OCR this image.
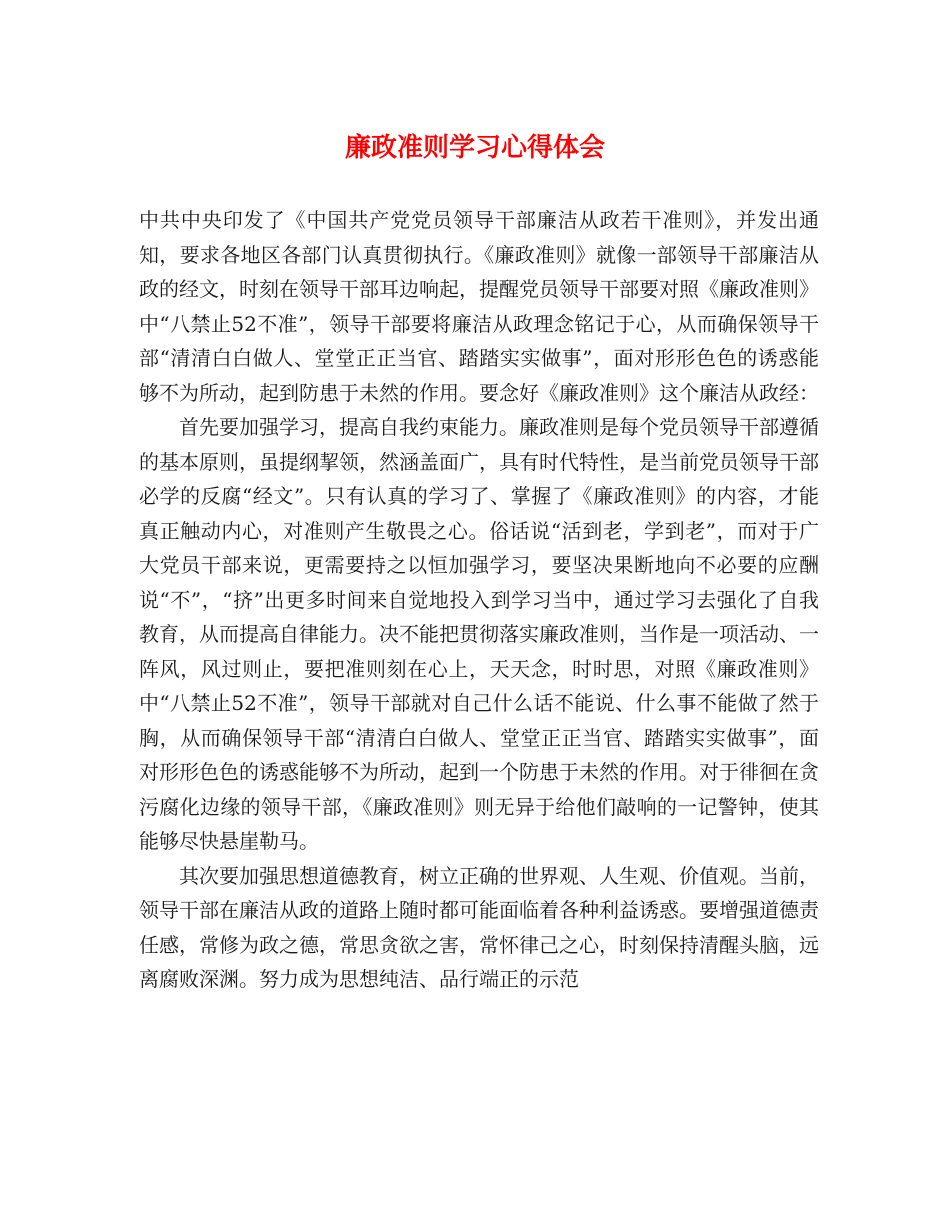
廉政准则学习心得体会

中共中央印发了《中国共产党党员领导干部廉洁从政若干准则》，并发出通知，要求各地区各部门认真贯彻执行。《廉政准则》就像一部领导干部廉洁从政的经文，时刻在领导干部耳边响起，提醒党员领导干部要对照《廉政准则》中“八禁止52不准”，领导干部要将廉洁从政理念铭记于心，从而确保领导干部“清清白白做人、堂堂正正当官、踏踏实实做事”，面对形形色色的诱惑能够不为所动，起到防患于未然的作用。要念好《廉政准则》这个廉洁从政经：

首先要加强学习，提高自我约束能力。廉政准则是每个党员领导干部遵循的基本原则，虽提纲挈领，然涵盖面广，具有时代特性，是当前党员领导干部必学的反腐“经文”。只有认真的学习了、掌握了《廉政准则》的内容，才能真正触动内心，对准则产生敬畏之心。俗话说“活到老，学到老”，而对于广大党员干部来说，更需要持之以恒加强学习，要坚决果断地向不必要的应酬说“不”，“挤”出更多时间来自觉地投入到学习当中，通过学习去强化了自我教育，从而提高自律能力。决不能把贯彻落实廉政准则，当作是一项活动、一阵风，风过则止，要把准则刻在心上，天天念，时时思，对照《廉政准则》中“八禁止52不准”，领导干部就对自己什么话不能说、什么事不能做了然于胸，从而确保领导干部“清清白白做人、堂堂正正当官、踏踏实实做事”，面对形形色色的诱惑能够不为所动，起到一个防患于未然的作用。对于徘徊在贪污腐化边缘的领导干部，《廉政准则》则无异于给他们敲响的一记警钟，使其能够尽快悬崖勒马。

其次要加强思想道德教育，树立正确的世界观、人生观、价值观。当前，领导干部在廉洁从政的道路上随时都可能面临着各种利益诱惑。要增强道德责任感，常修为政之德，常思贪欲之害，常怀律己之心，时刻保持清醒头脑，远离腐败深渊。努力成为思想纯洁、品行端正的示范
